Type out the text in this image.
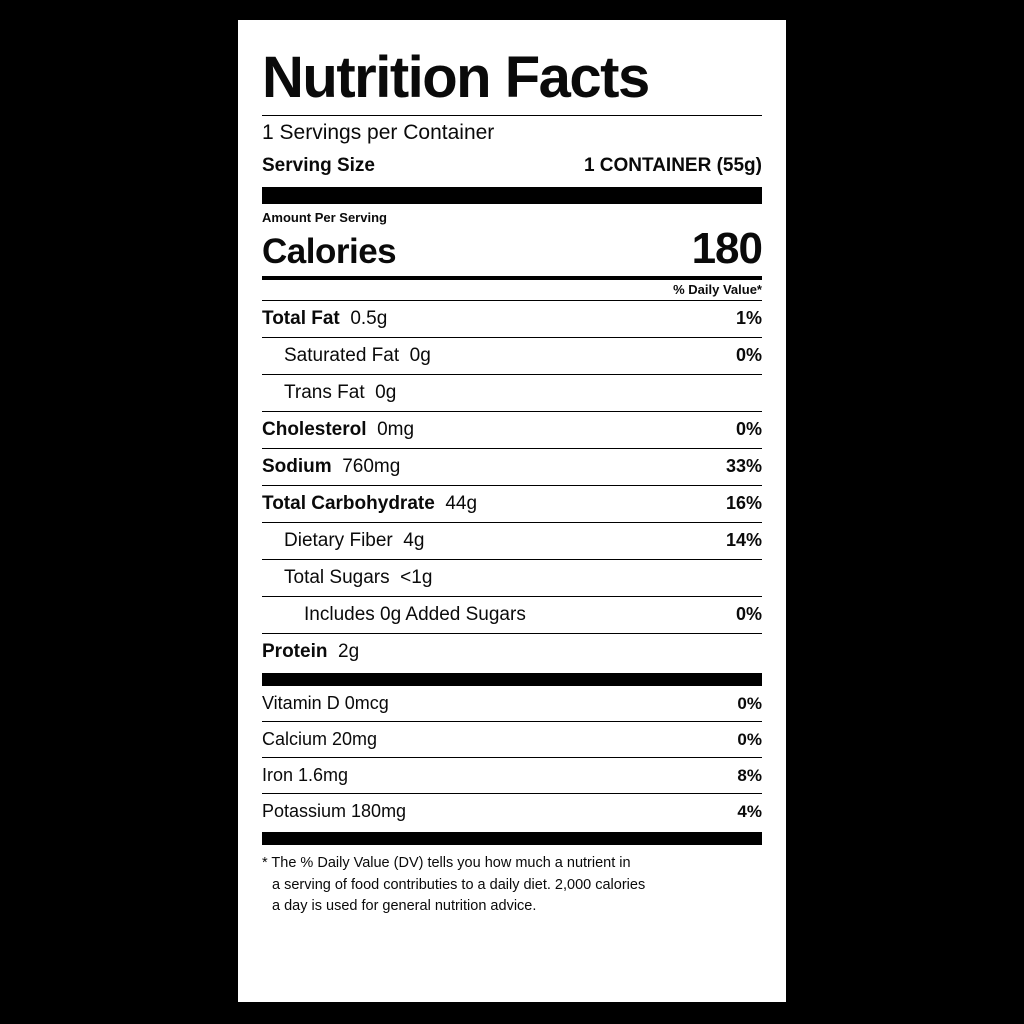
Nutrition Facts
1 Servings per Container
Serving Size	1 CONTAINER (55g)
Amount Per Serving
Calories	180
% Daily Value*
Total Fat  0.5g	1%
Saturated Fat  0g	0%
Trans Fat  0g
Cholesterol  0mg	0%
Sodium  760mg	33%
Total Carbohydrate  44g	16%
Dietary Fiber  4g	14%
Total Sugars  <1g
Includes 0g Added Sugars	0%
Protein  2g
Vitamin D 0mcg	0%
Calcium 20mg	0%
Iron 1.6mg	8%
Potassium 180mg	4%
* The % Daily Value (DV) tells you how much a nutrient in
a serving of food contributies to a daily diet. 2,000 calories
a day is used for general nutrition advice.
